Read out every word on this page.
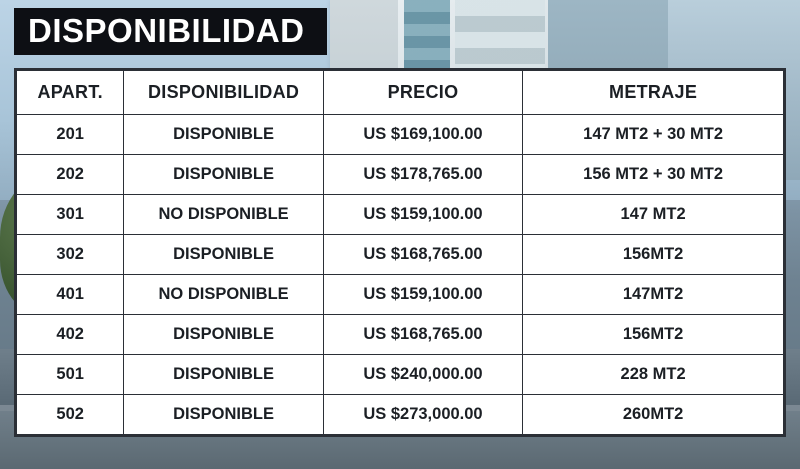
DISPONIBILIDAD
APART.	DISPONIBILIDAD	PRECIO	METRAJE
201	DISPONIBLE	US $169,100.00	147 MT2 + 30 MT2
202	DISPONIBLE	US $178,765.00	156 MT2 + 30 MT2
301	NO DISPONIBLE	US $159,100.00	147 MT2
302	DISPONIBLE	US $168,765.00	156MT2
401	NO DISPONIBLE	US $159,100.00	147MT2
402	DISPONIBLE	US $168,765.00	156MT2
501	DISPONIBLE	US $240,000.00	228 MT2
502	DISPONIBLE	US $273,000.00	260MT2
